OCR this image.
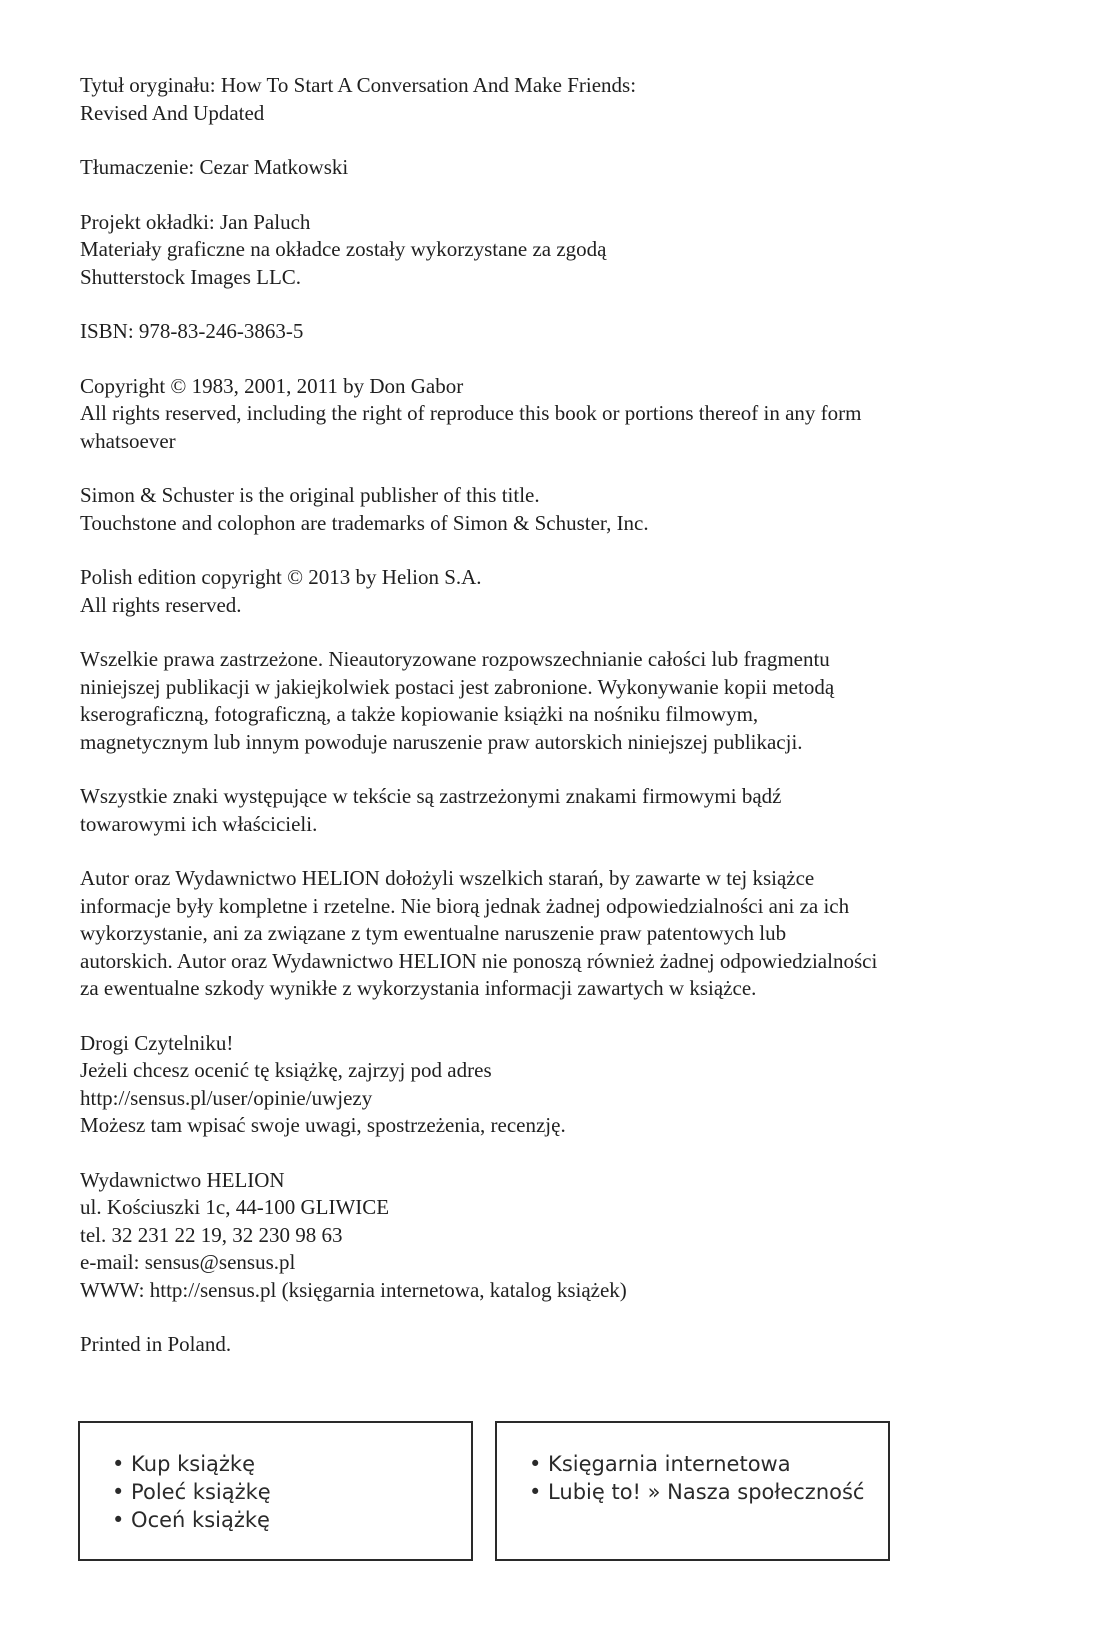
Tytuł oryginału: How To Start A Conversation And Make Friends:
Revised And Updated

Tłumaczenie: Cezar Matkowski

Projekt okładki: Jan Paluch
Materiały graficzne na okładce zostały wykorzystane za zgodą
Shutterstock Images LLC.

ISBN: 978-83-246-3863-5

Copyright © 1983, 2001, 2011 by Don Gabor
All rights reserved, including the right of reproduce this book or portions thereof in any form
whatsoever

Simon & Schuster is the original publisher of this title.
Touchstone and colophon are trademarks of Simon & Schuster, Inc.

Polish edition copyright © 2013 by Helion S.A.
All rights reserved.

Wszelkie prawa zastrzeżone. Nieautoryzowane rozpowszechnianie całości lub fragmentu
niniejszej publikacji w jakiejkolwiek postaci jest zabronione. Wykonywanie kopii metodą
kserograficzną, fotograficzną, a także kopiowanie książki na nośniku filmowym,
magnetycznym lub innym powoduje naruszenie praw autorskich niniejszej publikacji.

Wszystkie znaki występujące w tekście są zastrzeżonymi znakami firmowymi bądź
towarowymi ich właścicieli.

Autor oraz Wydawnictwo HELION dołożyli wszelkich starań, by zawarte w tej książce
informacje były kompletne i rzetelne. Nie biorą jednak żadnej odpowiedzialności ani za ich
wykorzystanie, ani za związane z tym ewentualne naruszenie praw patentowych lub
autorskich. Autor oraz Wydawnictwo HELION nie ponoszą również żadnej odpowiedzialności
za ewentualne szkody wynikłe z wykorzystania informacji zawartych w książce.

Drogi Czytelniku!
Jeżeli chcesz ocenić tę książkę, zajrzyj pod adres
http://sensus.pl/user/opinie/uwjezy
Możesz tam wpisać swoje uwagi, spostrzeżenia, recenzję.

Wydawnictwo HELION
ul. Kościuszki 1c, 44-100 GLIWICE
tel. 32 231 22 19, 32 230 98 63
e-mail: sensus@sensus.pl
WWW: http://sensus.pl (księgarnia internetowa, katalog książek)

Printed in Poland.

• Kup książkę
• Poleć książkę
• Oceń książkę
• Księgarnia internetowa
• Lubię to! » Nasza społeczność
